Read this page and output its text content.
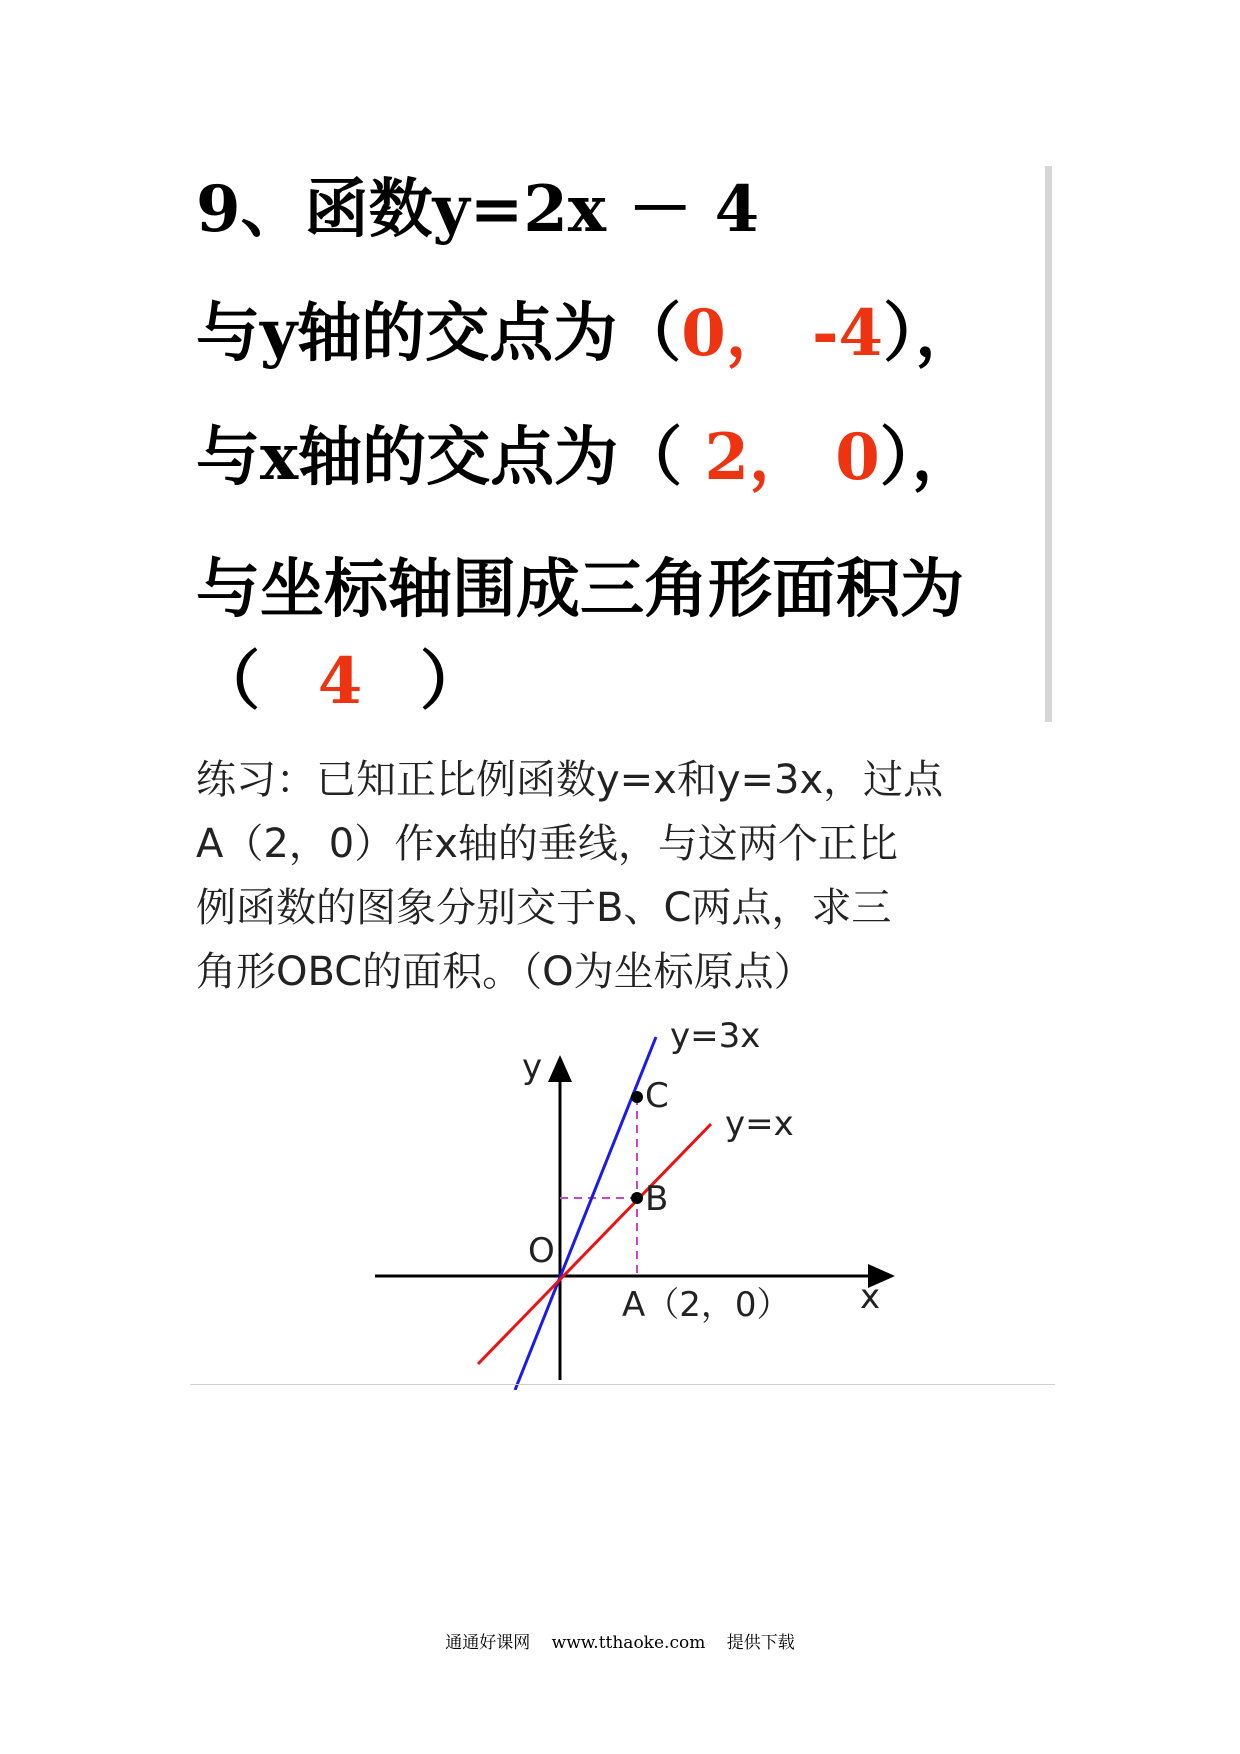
9、函数y=2x － 4
与y轴的交点为（0， -4），
与x轴的交点为（ 2， 0），
与坐标轴围成三角形面积为
（ 4 ）

练习：已知正比例函数y=x和y=3x，过点

A（2，0）作x轴的垂线，与这两个正比

例函数的图象分别交于B、C两点，求三

角形OBC的面积。（O为坐标原点）

y=3x
y=x
y
C
B
O
A（2，0） x
通通好课网 www.tthaoke.com 提供下载
